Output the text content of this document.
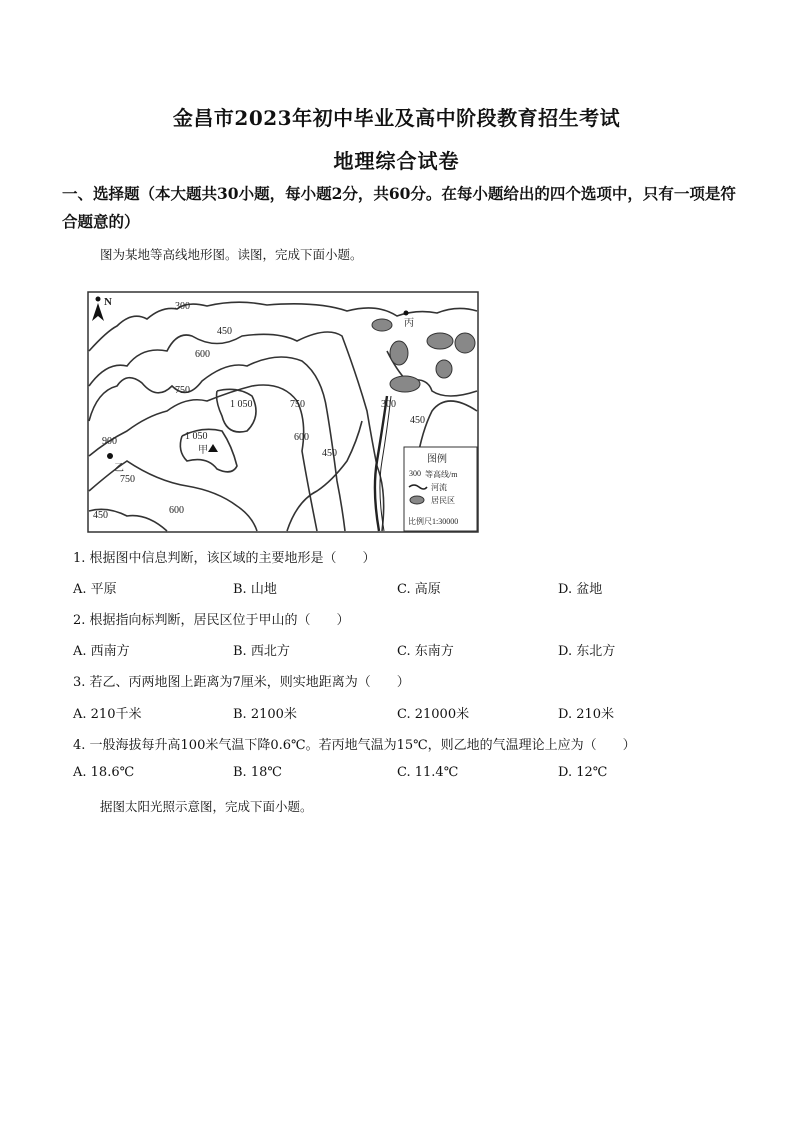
金昌市2023年初中毕业及高中阶段教育招生考试
地理综合试卷
一、选择题（本大题共30小题，每小题2分，共60分。在每小题给出的四个选项中，只有一项是符合题意的）
图为某地等高线地形图。读图，完成下面小题。
N	300
450
600
750
1 050
1 050
750
600
450
300
450
900
750
450	600
乙
甲
丙
图例
300 等高线/m
河流
居民区
比例尺1:30000
1. 根据图中信息判断，该区域的主要地形是（　　）
A. 平原	B. 山地	C. 高原	D. 盆地
2. 根据指向标判断，居民区位于甲山的（　　）
A. 西南方	B. 西北方	C. 东南方	D. 东北方
3. 若乙、丙两地图上距离为7厘米，则实地距离为（　　）
A. 210千米	B. 2100米	C. 21000米	D. 210米
4. 一般海拔每升高100米气温下降0.6℃。若丙地气温为15℃，则乙地的气温理论上应为（　　）
A. 18.6℃	B. 18℃	C. 11.4℃	D. 12℃
据图太阳光照示意图，完成下面小题。
